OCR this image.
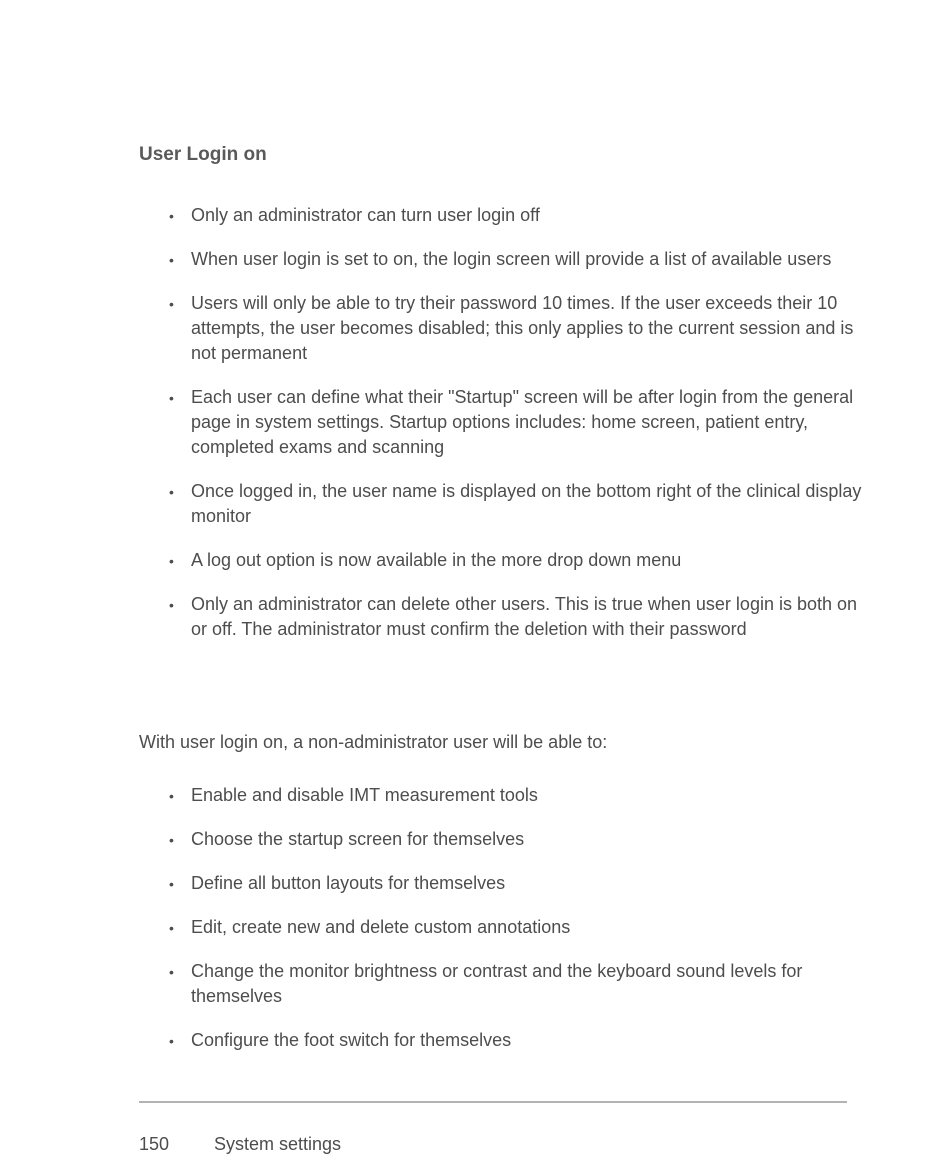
User Login on
• Only an administrator can turn user login off
• When user login is set to on, the login screen will provide a list of available users
• Users will only be able to try their password 10 times. If the user exceeds their 10 attempts, the user becomes disabled; this only applies to the current session and is not permanent
• Each user can define what their "Startup" screen will be after login from the general page in system settings. Startup options includes: home screen, patient entry, completed exams and scanning
• Once logged in, the user name is displayed on the bottom right of the clinical display monitor
• A log out option is now available in the more drop down menu
• Only an administrator can delete other users. This is true when user login is both on or off. The administrator must confirm the deletion with their password

With user login on, a non-administrator user will be able to:

• Enable and disable IMT measurement tools
• Choose the startup screen for themselves
• Define all button layouts for themselves
• Edit, create new and delete custom annotations
• Change the monitor brightness or contrast and the keyboard sound levels for themselves
• Configure the foot switch for themselves
150 System settings
